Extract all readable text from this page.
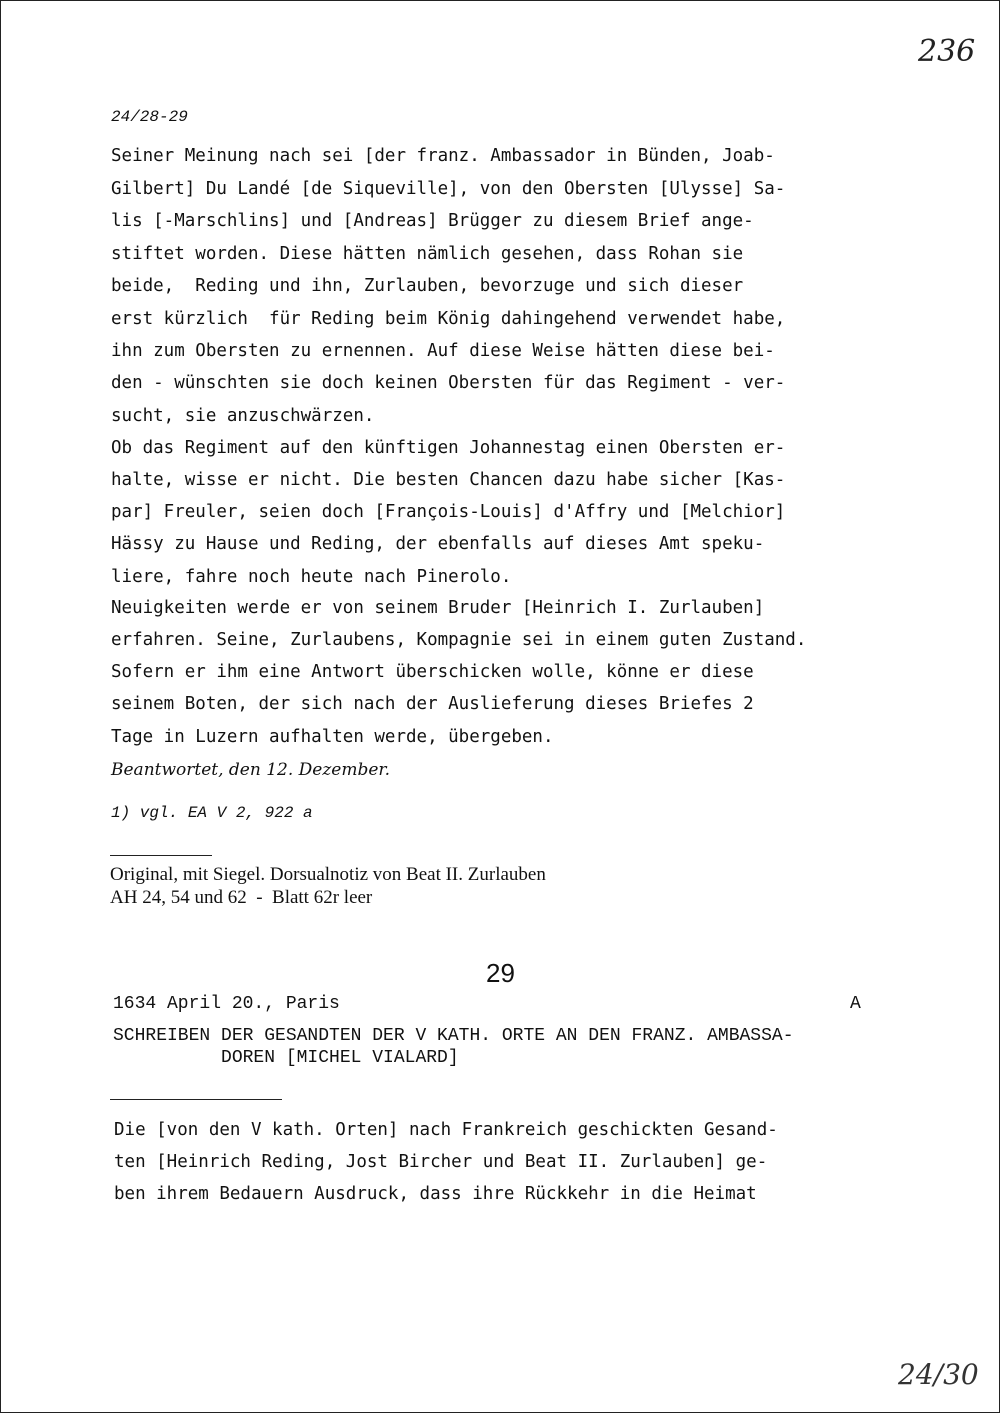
236
24/28-29
Seiner Meinung nach sei [der franz. Ambassador in Bünden, Joab-
Gilbert] Du Landé [de Siqueville], von den Obersten [Ulysse] Sa-
lis [-Marschlins] und [Andreas] Brügger zu diesem Brief ange-
stiftet worden. Diese hätten nämlich gesehen, dass Rohan sie
beide,  Reding und ihn, Zurlauben, bevorzuge und sich dieser
erst kürzlich  für Reding beim König dahingehend verwendet habe,
ihn zum Obersten zu ernennen. Auf diese Weise hätten diese bei-
den - wünschten sie doch keinen Obersten für das Regiment - ver-
sucht, sie anzuschwärzen.
Ob das Regiment auf den künftigen Johannestag einen Obersten er-
halte, wisse er nicht. Die besten Chancen dazu habe sicher [Kas-
par] Freuler, seien doch [François-Louis] d'Affry und [Melchior]
Hässy zu Hause und Reding, der ebenfalls auf dieses Amt speku-
liere, fahre noch heute nach Pinerolo.
Neuigkeiten werde er von seinem Bruder [Heinrich I. Zurlauben]
erfahren. Seine, Zurlaubens, Kompagnie sei in einem guten Zustand.
Sofern er ihm eine Antwort überschicken wolle, könne er diese
seinem Boten, der sich nach der Auslieferung dieses Briefes 2
Tage in Luzern aufhalten werde, übergeben.
Beantwortet, den 12. Dezember.
1) vgl. EA V 2, 922 a
Original, mit Siegel. Dorsualnotiz von Beat II. Zurlauben
AH 24, 54 und 62  -  Blatt 62r leer
29
1634 April 20., Paris	A
SCHREIBEN DER GESANDTEN DER V KATH. ORTE AN DEN FRANZ. AMBASSA-
DOREN [MICHEL VIALARD]
Die [von den V kath. Orten] nach Frankreich geschickten Gesand-
ten [Heinrich Reding, Jost Bircher und Beat II. Zurlauben] ge-
ben ihrem Bedauern Ausdruck, dass ihre Rückkehr in die Heimat
24/30
